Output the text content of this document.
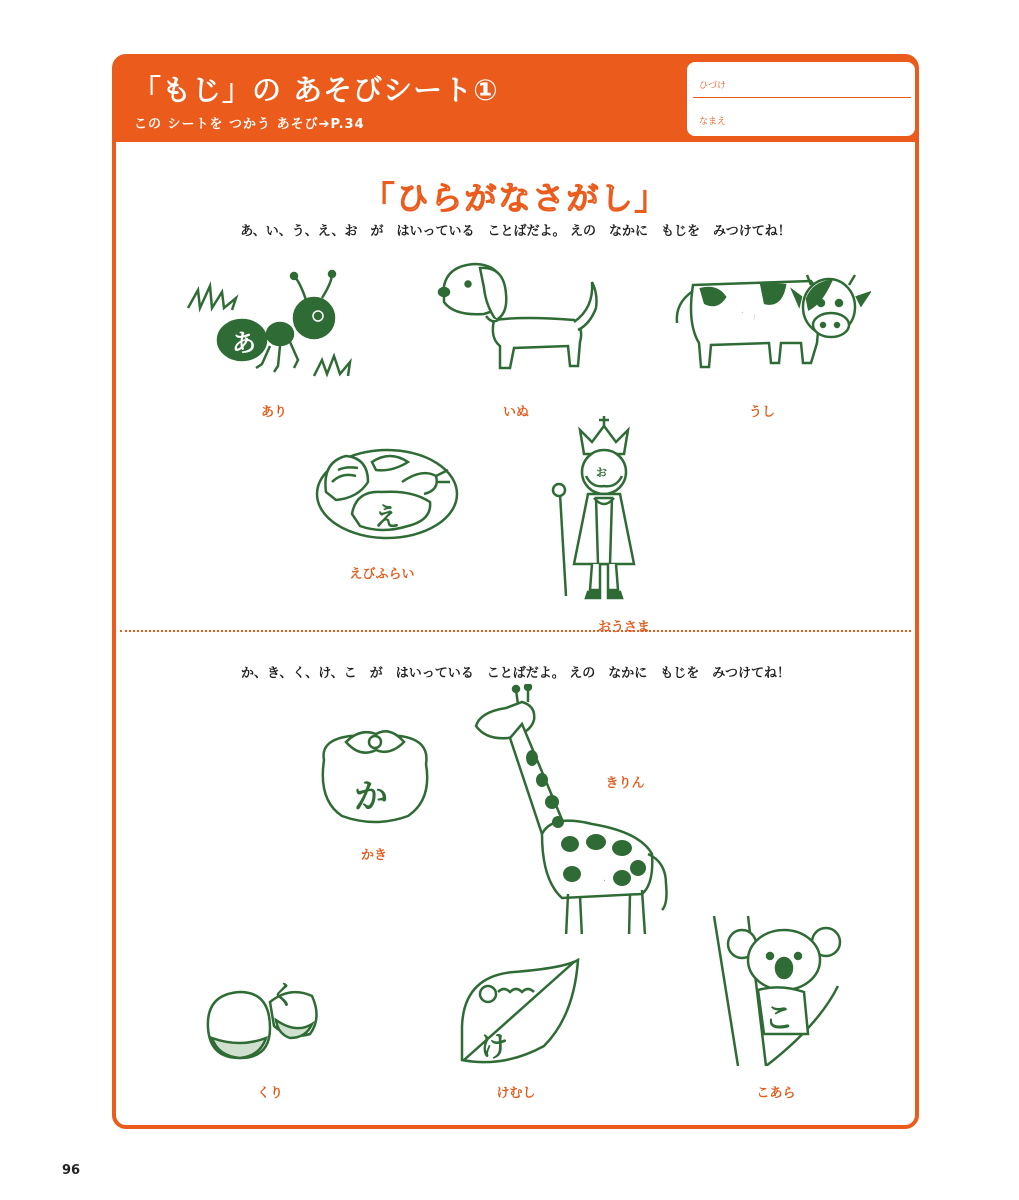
「もじ」の あそびシート①
この シートを つかう あそび➔P.34
ひづけ
なまえ
「ひらがなさがし」
あ、い、う、え、お　が　はいっている　ことばだよ。 えの　なかに　もじを　みつけてね！
あ
あり	いぬ
う
うし
え
えびふらい
お
おうさま
か、き、く、け、こ　が　はいっている　ことばだよ。 えの　なかに　もじを　みつけてね！
か
かき
き
きりん
く
くり
け
けむし
こ
こあら
96
